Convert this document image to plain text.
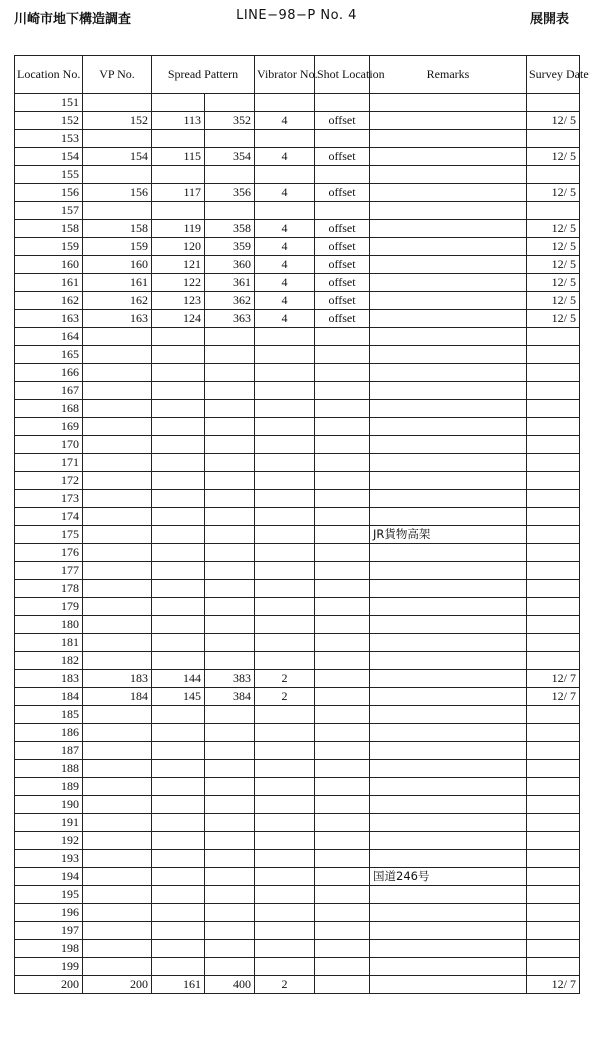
川崎市地下構造調査	LINE−98−P No. 4	展開表
Location No.	VP No.	Spread Pattern		Vibrator No.	Shot Location	Remarks	Survey Date
151							
152	152	113	352	4	offset		12/ 5
153							
154	154	115	354	4	offset		12/ 5
155							
156	156	117	356	4	offset		12/ 5
157							
158	158	119	358	4	offset		12/ 5
159	159	120	359	4	offset		12/ 5
160	160	121	360	4	offset		12/ 5
161	161	122	361	4	offset		12/ 5
162	162	123	362	4	offset		12/ 5
163	163	124	363	4	offset		12/ 5
164							
165							
166							
167							
168							
169							
170							
171							
172							
173							
174							
175						JR貨物高架	
176							
177							
178							
179							
180							
181							
182							
183	183	144	383	2			12/ 7
184	184	145	384	2			12/ 7
185							
186							
187							
188							
189							
190							
191							
192							
193							
194						国道246号	
195							
196							
197							
198							
199							
200	200	161	400	2			12/ 7
